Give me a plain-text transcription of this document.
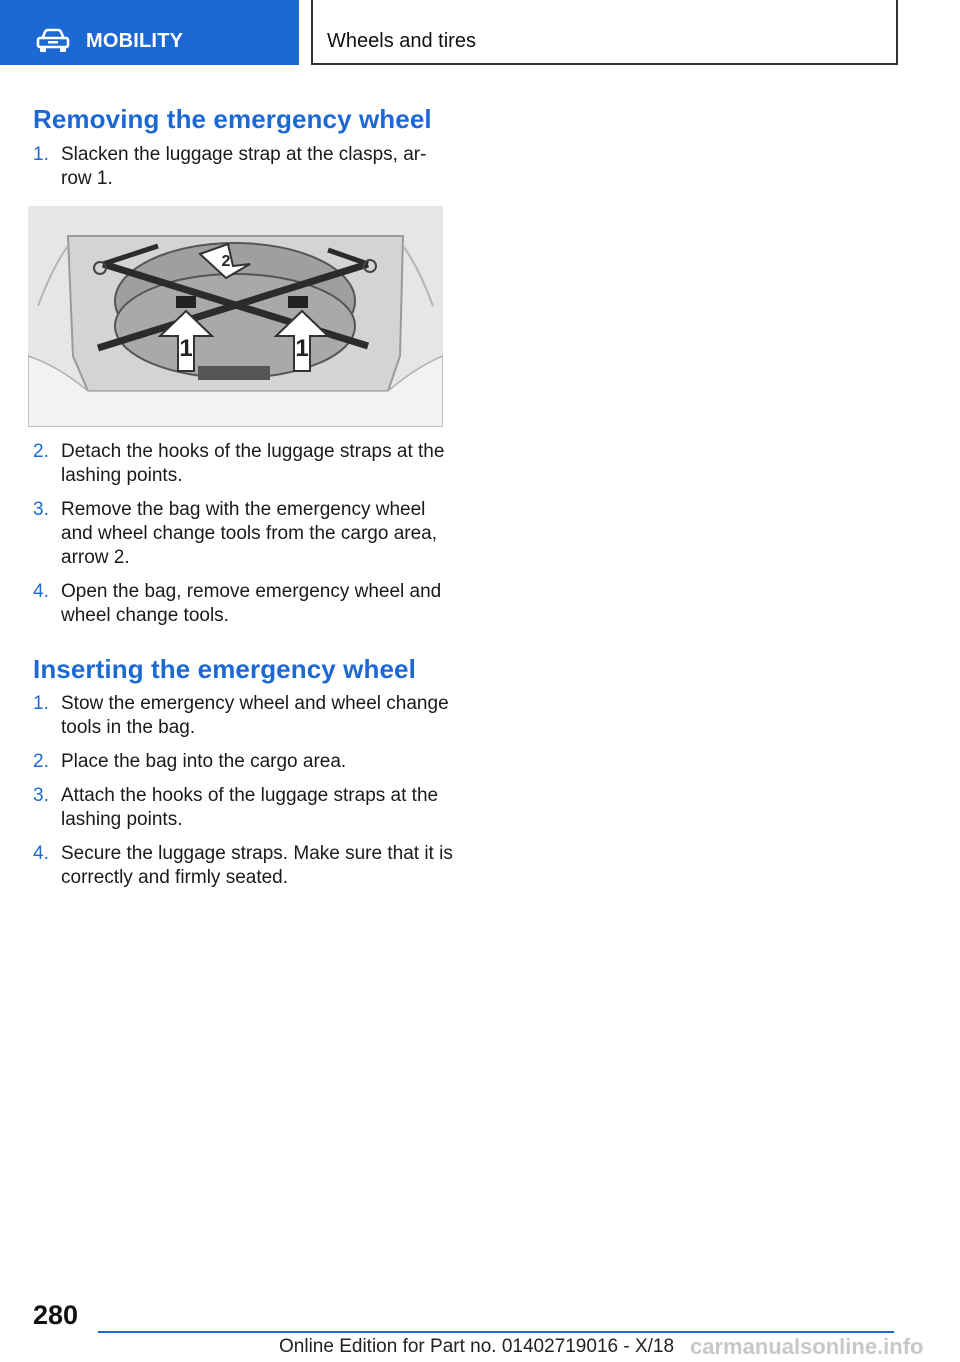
MOBILITY	Wheels and tires
Removing the emergency wheel
1. Slacken the luggage strap at the clasps, ar‐
row 1.
1	1
2
2. Detach the hooks of the luggage straps at the lashing points.
3. Remove the bag with the emergency wheel and wheel change tools from the cargo area, arrow 2.
4. Open the bag, remove emergency wheel and wheel change tools.
Inserting the emergency wheel
1. Stow the emergency wheel and wheel change tools in the bag.
2. Place the bag into the cargo area.
3. Attach the hooks of the luggage straps at the lashing points.
4. Secure the luggage straps. Make sure that it is correctly and firmly seated.
280
Online Edition for Part no. 01402719016 - X/18 carmanualsonline.info
